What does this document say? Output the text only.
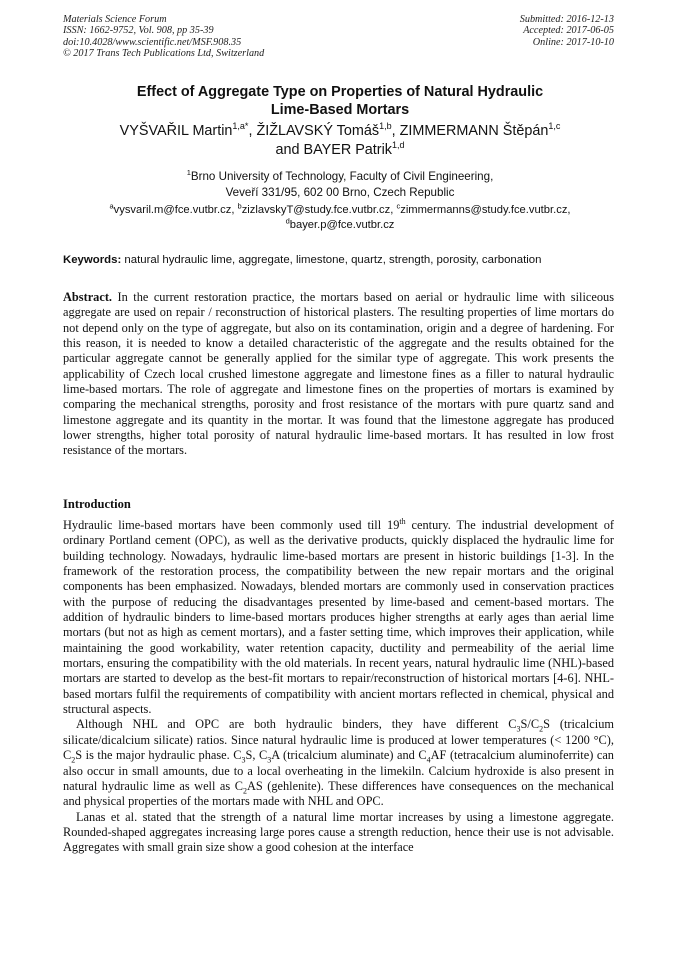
Materials Science Forum
ISSN: 1662-9752, Vol. 908, pp 35-39
doi:10.4028/www.scientific.net/MSF.908.35
© 2017 Trans Tech Publications Ltd, Switzerland
Submitted: 2016-12-13
Accepted: 2017-06-05
Online: 2017-10-10
Effect of Aggregate Type on Properties of Natural Hydraulic
Lime-Based Mortars
VYŠVAŘIL Martin$^{1,a*}$, ŽIŽLAVSKÝ Tomáš$^{1,b}$, ZIMMERMANN Štěpán$^{1,c}$
and BAYER Patrik$^{1,d}$
$^1$Brno University of Technology, Faculty of Civil Engineering,
Veveří 331/95, 602 00 Brno, Czech Republic
$^a$vysvaril.m@fce.vutbr.cz, $^b$zizlavskyT@study.fce.vutbr.cz, $^c$zimmermanns@study.fce.vutbr.cz,
$^d$bayer.p@fce.vutbr.cz
Keywords: natural hydraulic lime, aggregate, limestone, quartz, strength, porosity, carbonation
Abstract. In the current restoration practice, the mortars based on aerial or hydraulic lime with siliceous aggregate are used on repair / reconstruction of historical plasters. The resulting properties of lime mortars do not depend only on the type of aggregate, but also on its contamination, origin and a degree of hardening. For this reason, it is needed to know a detailed characteristic of the aggregate and the results obtained for the particular aggregate cannot be generally applied for the similar type of aggregate. This work presents the applicability of Czech local crushed limestone aggregate and limestone fines as a filler to natural hydraulic lime-based mortars. The role of aggregate and limestone fines on the properties of mortars is examined by comparing the mechanical strengths, porosity and frost resistance of the mortars with pure quartz sand and limestone aggregate and its quantity in the mortar. It was found that the limestone aggregate has produced lower strengths, higher total porosity of natural hydraulic lime-based mortars. It has resulted in low frost resistance of the mortars.
Introduction

Hydraulic lime-based mortars have been commonly used till 19th century. The industrial development of ordinary Portland cement (OPC), as well as the derivative products, quickly displaced the hydraulic lime for building technology. Nowadays, hydraulic lime-based mortars are present in historic buildings [1-3]. In the framework of the restoration process, the compatibility between the new repair mortars and the original components has been emphasized. Nowadays, blended mortars are commonly used in conservation practices with the purpose of reducing the disadvantages presented by lime-based and cement-based mortars. The addition of hydraulic binders to lime-based mortars produces higher strengths at early ages than aerial lime mortars (but not as high as cement mortars), and a faster setting time, which improves their application, while maintaining the good workability, water retention capacity, ductility and permeability of the aerial lime mortars, ensuring the compatibility with the old materials. In recent years, natural hydraulic lime (NHL)-based mortars are started to develop as the best-fit mortars to repair/reconstruction of historical mortars [4-6]. NHL-based mortars fulfil the requirements of compatibility with ancient mortars reflected in chemical, physical and structural aspects.

Although NHL and OPC are both hydraulic binders, they have different $C_3S/C_2S$ (tricalcium silicate/dicalcium silicate) ratios. Since natural hydraulic lime is produced at lower temperatures (< 1200 °C), $C_2S$ is the major hydraulic phase. $C_3S$, $C_3A$ (tricalcium aluminate) and $C_4AF$ (tetracalcium aluminoferrite) can also occur in small amounts, due to a local overheating in the limekiln. Calcium hydroxide is also present in natural hydraulic lime as well as $C_2AS$ (gehlenite). These differences have consequences on the mechanical and physical properties of the mortars made with NHL and OPC.

Lanas et al. stated that the strength of a natural lime mortar increases by using a limestone aggregate. Rounded-shaped aggregates increasing large pores cause a strength reduction, hence their use is not advisable. Aggregates with small grain size show a good cohesion at the interface
